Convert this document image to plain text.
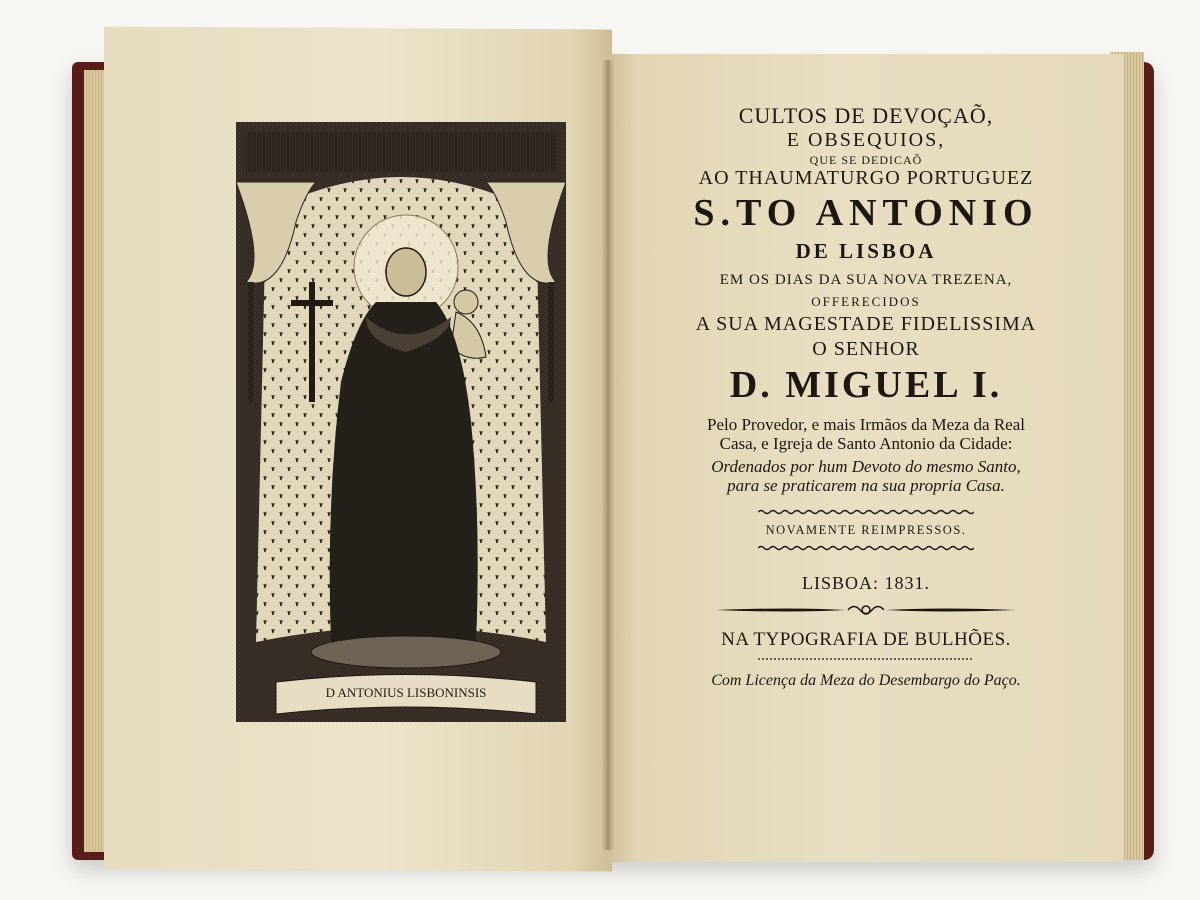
D ANTONIUS LISBONINSIS
CULTOS DE DEVOÇAÕ,
E OBSEQUIOS,
QUE SE DEDICAÕ
AO THAUMATURGO PORTUGUEZ
S.TO ANTONIO
DE LISBOA
EM OS DIAS DA SUA NOVA TREZENA,
OFFERECIDOS
A SUA MAGESTADE FIDELISSIMA
O SENHOR
D. MIGUEL I.
Pelo Provedor, e mais Irmãos da Meza da Real
Casa, e Igreja de Santo Antonio da Cidade:
Ordenados por hum Devoto do mesmo Santo,
para se praticarem na sua propria Casa.
NOVAMENTE REIMPRESSOS.
LISBOA: 1831.
NA TYPOGRAFIA DE BULHÕES.
Com Licença da Meza do Desembargo do Paço.
